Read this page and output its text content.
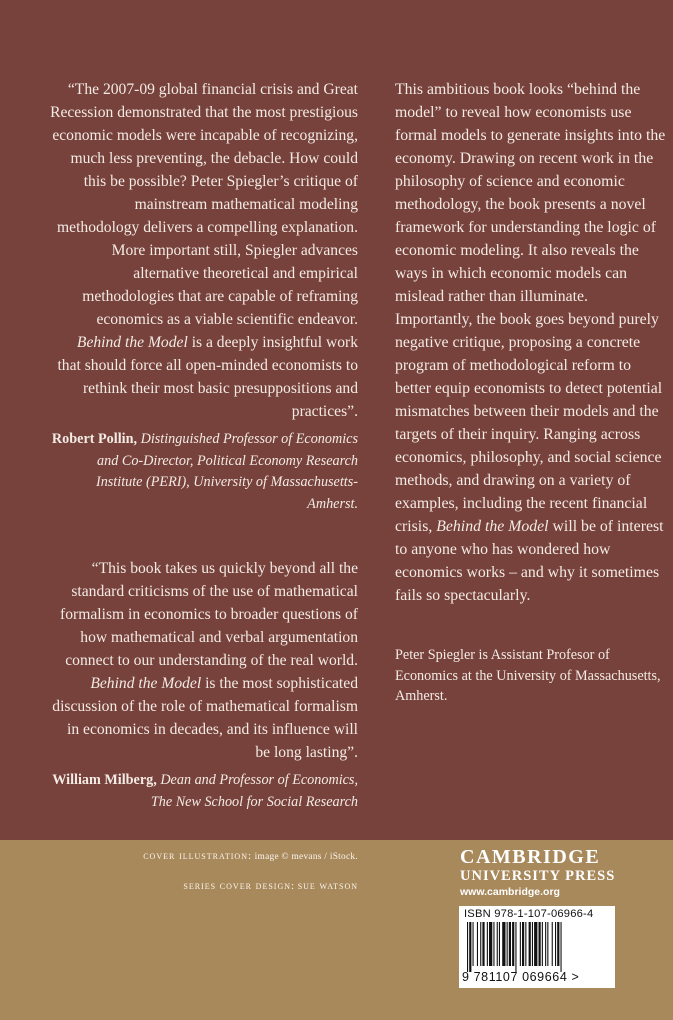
“The 2007-09 global financial crisis and Great Recession demonstrated that the most prestigious economic models were incapable of recognizing, much less preventing, the debacle. How could this be possible? Peter Spiegler’s critique of mainstream mathematical modeling methodology delivers a compelling explanation. More important still, Spiegler advances alternative theoretical and empirical methodologies that are capable of reframing economics as a viable scientific endeavor. Behind the Model is a deeply insightful work that should force all open-minded economists to rethink their most basic presuppositions and practices”.

Robert Pollin, Distinguished Professor of Economics and Co-Director, Political Economy Research Institute (PERI), University of Massachusetts-Amherst.

“This book takes us quickly beyond all the standard criticisms of the use of mathematical formalism in economics to broader questions of how mathematical and verbal argumentation connect to our understanding of the real world. Behind the Model is the most sophisticated discussion of the role of mathematical formalism in economics in decades, and its influence will be long lasting”.

William Milberg, Dean and Professor of Economics, The New School for Social Research

This ambitious book looks “behind the model” to reveal how economists use formal models to generate insights into the economy. Drawing on recent work in the philosophy of science and economic methodology, the book presents a novel framework for understanding the logic of economic modeling. It also reveals the ways in which economic models can mislead rather than illuminate. Importantly, the book goes beyond purely negative critique, proposing a concrete program of methodological reform to better equip economists to detect potential mismatches between their models and the targets of their inquiry. Ranging across economics, philosophy, and social science methods, and drawing on a variety of examples, including the recent financial crisis, Behind the Model will be of interest to anyone who has wondered how economics works – and why it sometimes fails so spectacularly.

Peter Spiegler is Assistant Profesor of Economics at the University of Massachusetts, Amherst.

cover illustration: image © mevans / iStock.
series cover design: sue watson
CAMBRIDGE
UNIVERSITY PRESS
www.cambridge.org
ISBN 978-1-107-06966-4
9 781107 069664 >
